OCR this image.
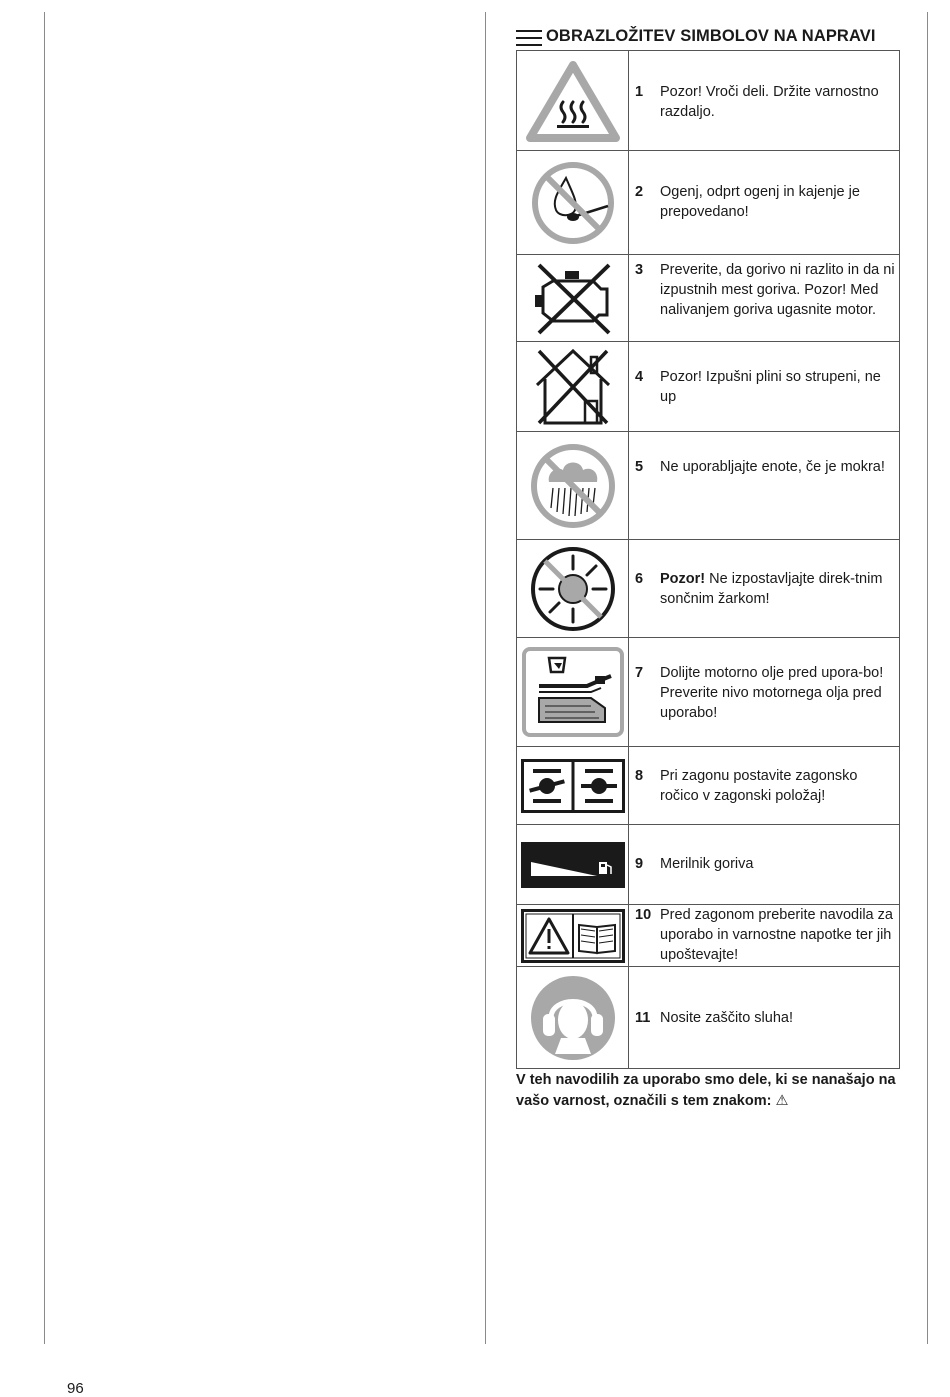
OBRAZLOŽITEV SIMBOLOV NA NAPRAVI
1	Pozor! Vroči deli. Držite varnostno razdaljo.
2	Ogenj, odprt ogenj in kajenje je prepovedano!
3	Preverite, da gorivo ni razlito in da ni izpustnih mest goriva. Pozor! Med nalivanjem goriva ugasnite motor.
4	Pozor! Izpušni plini so strupeni, ne up
5	Ne uporabljajte enote, če je mokra!
6	Pozor! Ne izpostavljajte direk-tnim sončnim žarkom!
7	Dolijte motorno olje pred upora-bo! Preverite nivo motornega olja pred uporabo!
8	Pri zagonu postavite zagonsko ročico v zagonski položaj!
9	Merilnik goriva
10 Pred zagonom preberite navodila za uporabo in varnostne napotke ter jih upoštevajte!
11 Nosite zaščito sluha!
V teh navodilih za uporabo smo dele, ki se nanašajo na vašo varnost, označili s tem znakom: ⚠
96
